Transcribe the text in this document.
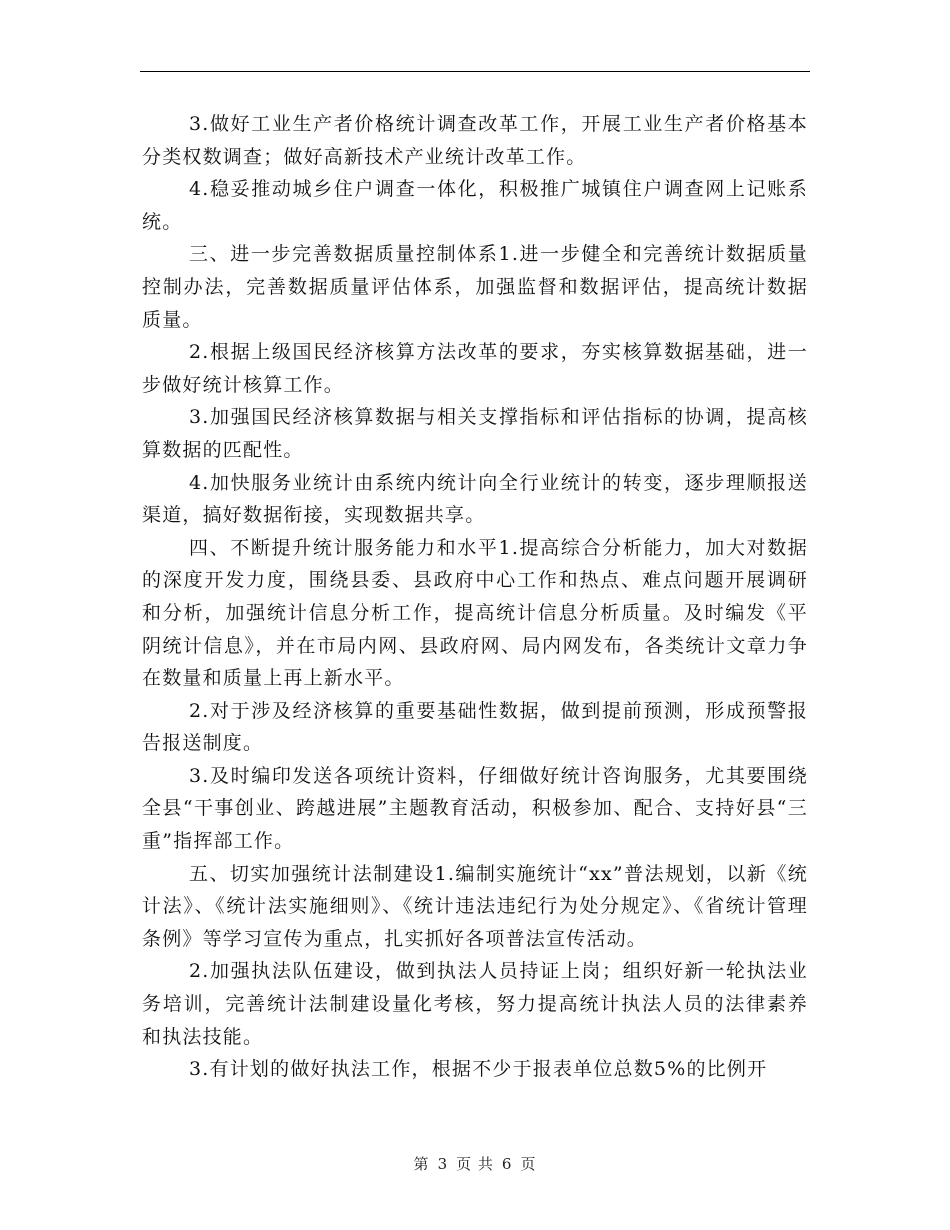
3.做好工业生产者价格统计调查改革工作，开展工业生产者价格基本分类权数调查；做好高新技术产业统计改革工作。

4.稳妥推动城乡住户调查一体化，积极推广城镇住户调查网上记账系统。

三、进一步完善数据质量控制体系1.进一步健全和完善统计数据质量控制办法，完善数据质量评估体系，加强监督和数据评估，提高统计数据质量。

2.根据上级国民经济核算方法改革的要求，夯实核算数据基础，进一步做好统计核算工作。

3.加强国民经济核算数据与相关支撑指标和评估指标的协调，提高核算数据的匹配性。

4.加快服务业统计由系统内统计向全行业统计的转变，逐步理顺报送渠道，搞好数据衔接，实现数据共享。

四、不断提升统计服务能力和水平1.提高综合分析能力，加大对数据的深度开发力度，围绕县委、县政府中心工作和热点、难点问题开展调研和分析，加强统计信息分析工作，提高统计信息分析质量。及时编发《平阴统计信息》，并在市局内网、县政府网、局内网发布，各类统计文章力争在数量和质量上再上新水平。

2.对于涉及经济核算的重要基础性数据，做到提前预测，形成预警报告报送制度。

3.及时编印发送各项统计资料，仔细做好统计咨询服务，尤其要围绕全县“干事创业、跨越进展”主题教育活动，积极参加、配合、支持好县“三重”指挥部工作。

五、切实加强统计法制建设1.编制实施统计“xx”普法规划，以新《统计法》、《统计法实施细则》、《统计违法违纪行为处分规定》、《省统计管理条例》等学习宣传为重点，扎实抓好各项普法宣传活动。

2.加强执法队伍建设，做到执法人员持证上岗；组织好新一轮执法业务培训，完善统计法制建设量化考核，努力提高统计执法人员的法律素养和执法技能。

3.有计划的做好执法工作，根据不少于报表单位总数5%的比例开

第 3 页 共 6 页
